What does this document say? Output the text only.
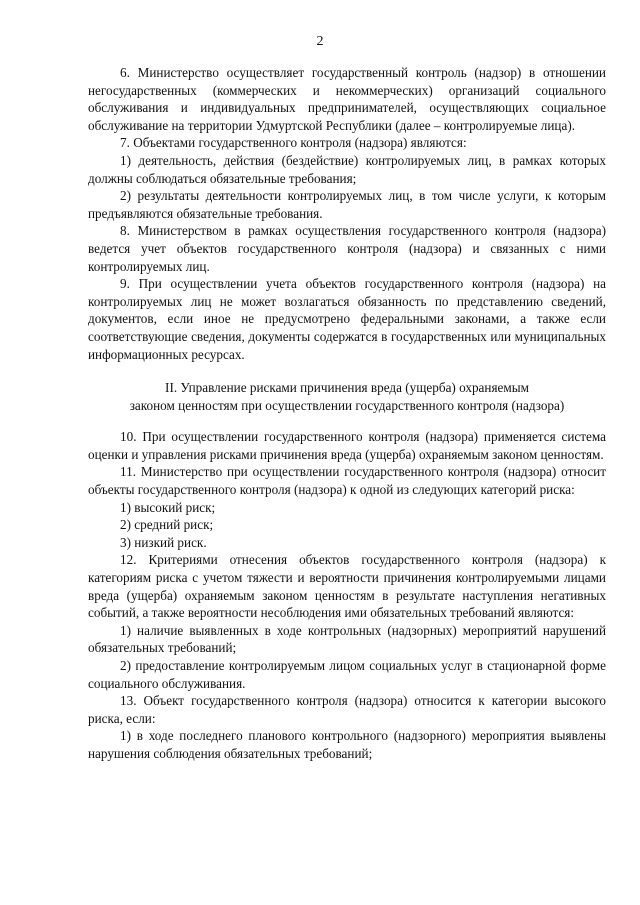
2

6. Министерство осуществляет государственный контроль (надзор) в отношении негосударственных (коммерческих и некоммерческих) организаций социального обслуживания и индивидуальных предпринимателей, осуществляющих социальное обслуживание на территории Удмуртской Республики (далее – контролируемые лица).

7. Объектами государственного контроля (надзора) являются:

1) деятельность, действия (бездействие) контролируемых лиц, в рамках которых должны соблюдаться обязательные требования;

2) результаты деятельности контролируемых лиц, в том числе услуги, к которым предъявляются обязательные требования.

8. Министерством в рамках осуществления государственного контроля (надзора) ведется учет объектов государственного контроля (надзора) и связанных с ними контролируемых лиц.

9. При осуществлении учета объектов государственного контроля (надзора) на контролируемых лиц не может возлагаться обязанность по представлению сведений, документов, если иное не предусмотрено федеральными законами, а также если соответствующие сведения, документы содержатся в государственных или муниципальных информационных ресурсах.

II. Управление рисками причинения вреда (ущерба) охраняемым
законом ценностям при осуществлении государственного контроля (надзора)

10. При осуществлении государственного контроля (надзора) применяется система оценки и управления рисками причинения вреда (ущерба) охраняемым законом ценностям.

11. Министерство при осуществлении государственного контроля (надзора) относит объекты государственного контроля (надзора) к одной из следующих категорий риска:

1) высокий риск;

2) средний риск;

3) низкий риск.

12. Критериями отнесения объектов государственного контроля (надзора) к категориям риска с учетом тяжести и вероятности причинения контролируемыми лицами вреда (ущерба) охраняемым законом ценностям в результате наступления негативных событий, а также вероятности несоблюдения ими обязательных требований являются:

1) наличие выявленных в ходе контрольных (надзорных) мероприятий нарушений обязательных требований;

2) предоставление контролируемым лицом социальных услуг в стационарной форме социального обслуживания.

13. Объект государственного контроля (надзора) относится к категории высокого риска, если:

1) в ходе последнего планового контрольного (надзорного) мероприятия выявлены нарушения соблюдения обязательных требований;
